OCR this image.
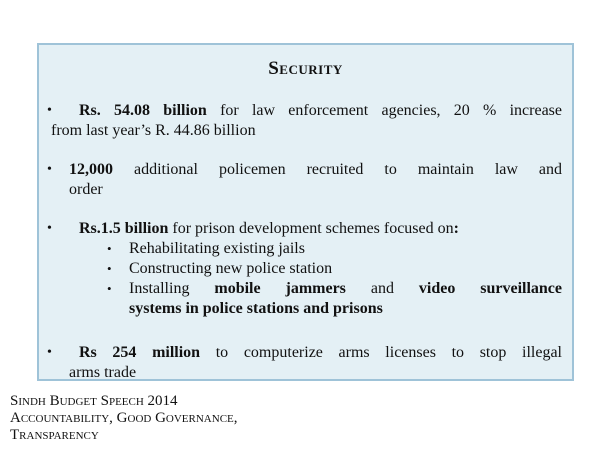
Security
• Rs. 54.08 billion for law enforcement agencies, 20 % increase
from last year’s R. 44.86 billion
• 12,000 additional policemen recruited to maintain law and
order
• Rs.1.5 billion for prison development schemes focused on:
• Rehabilitating existing jails
• Constructing new police station
• Installing mobile jammers and video surveillance
systems in police stations and prisons
• Rs 254 million to computerize arms licenses to stop illegal
arms trade
Sindh Budget Speech 2014
Accountability, Good Governance,
Transparency
